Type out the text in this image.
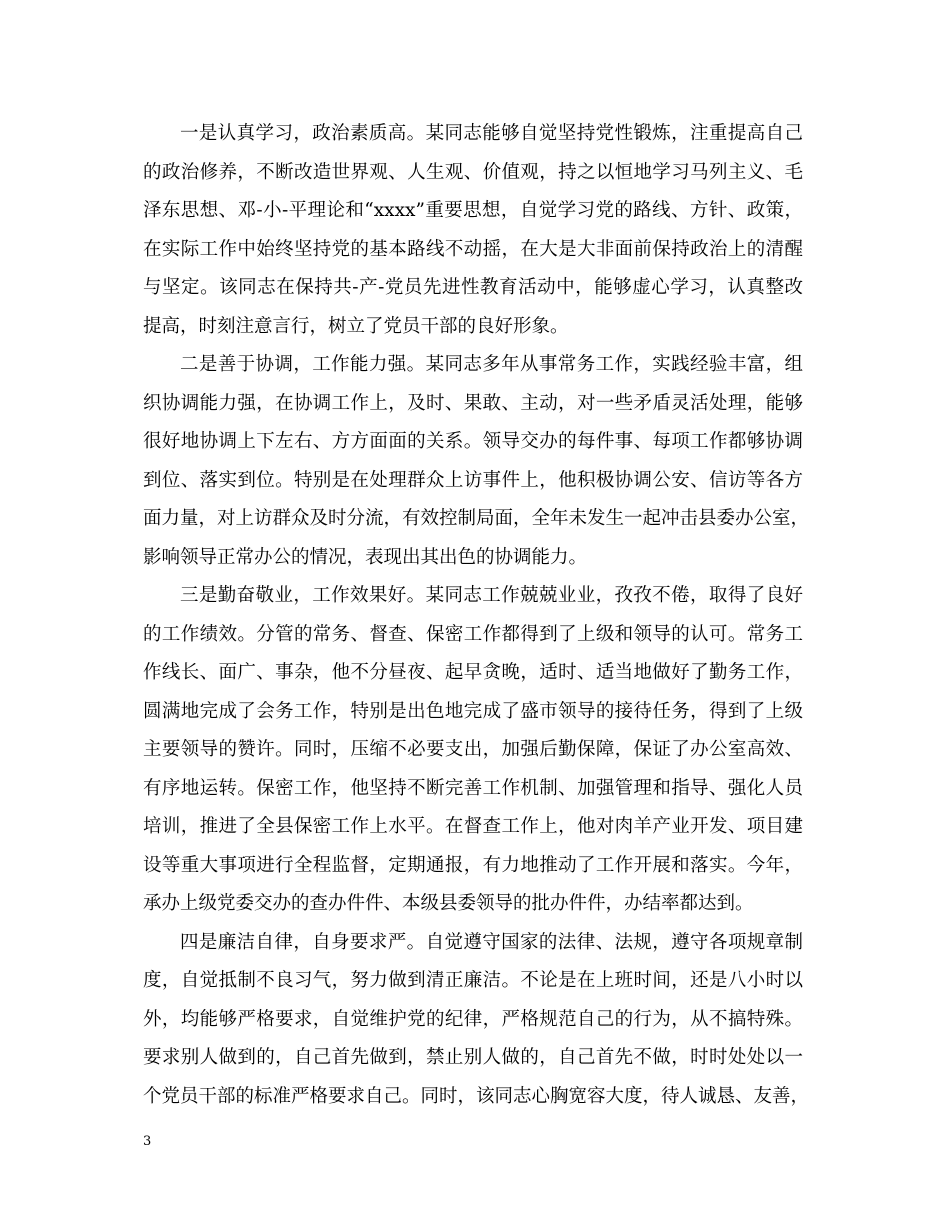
一是认真学习，政治素质高。某同志能够自觉坚持党性锻炼，注重提高自己
的政治修养，不断改造世界观、人生观、价值观，持之以恒地学习马列主义、毛
泽东思想、邓-小-平理论和“xxxx”重要思想，自觉学习党的路线、方针、政策，
在实际工作中始终坚持党的基本路线不动摇，在大是大非面前保持政治上的清醒
与坚定。该同志在保持共-产-党员先进性教育活动中，能够虚心学习，认真整改
提高，时刻注意言行，树立了党员干部的良好形象。
二是善于协调，工作能力强。某同志多年从事常务工作，实践经验丰富，组
织协调能力强，在协调工作上，及时、果敢、主动，对一些矛盾灵活处理，能够
很好地协调上下左右、方方面面的关系。领导交办的每件事、每项工作都够协调
到位、落实到位。特别是在处理群众上访事件上，他积极协调公安、信访等各方
面力量，对上访群众及时分流，有效控制局面，全年未发生一起冲击县委办公室，
影响领导正常办公的情况，表现出其出色的协调能力。
三是勤奋敬业，工作效果好。某同志工作兢兢业业，孜孜不倦，取得了良好
的工作绩效。分管的常务、督查、保密工作都得到了上级和领导的认可。常务工
作线长、面广、事杂，他不分昼夜、起早贪晚，适时、适当地做好了勤务工作，
圆满地完成了会务工作，特别是出色地完成了盛市领导的接待任务，得到了上级
主要领导的赞许。同时，压缩不必要支出，加强后勤保障，保证了办公室高效、
有序地运转。保密工作，他坚持不断完善工作机制、加强管理和指导、强化人员
培训，推进了全县保密工作上水平。在督查工作上，他对肉羊产业开发、项目建
设等重大事项进行全程监督，定期通报，有力地推动了工作开展和落实。今年，
承办上级党委交办的查办件件、本级县委领导的批办件件，办结率都达到。
四是廉洁自律，自身要求严。自觉遵守国家的法律、法规，遵守各项规章制
度，自觉抵制不良习气，努力做到清正廉洁。不论是在上班时间，还是八小时以
外，均能够严格要求，自觉维护党的纪律，严格规范自己的行为，从不搞特殊。
要求别人做到的，自己首先做到，禁止别人做的，自己首先不做，时时处处以一
个党员干部的标准严格要求自己。同时，该同志心胸宽容大度，待人诚恳、友善，
3
